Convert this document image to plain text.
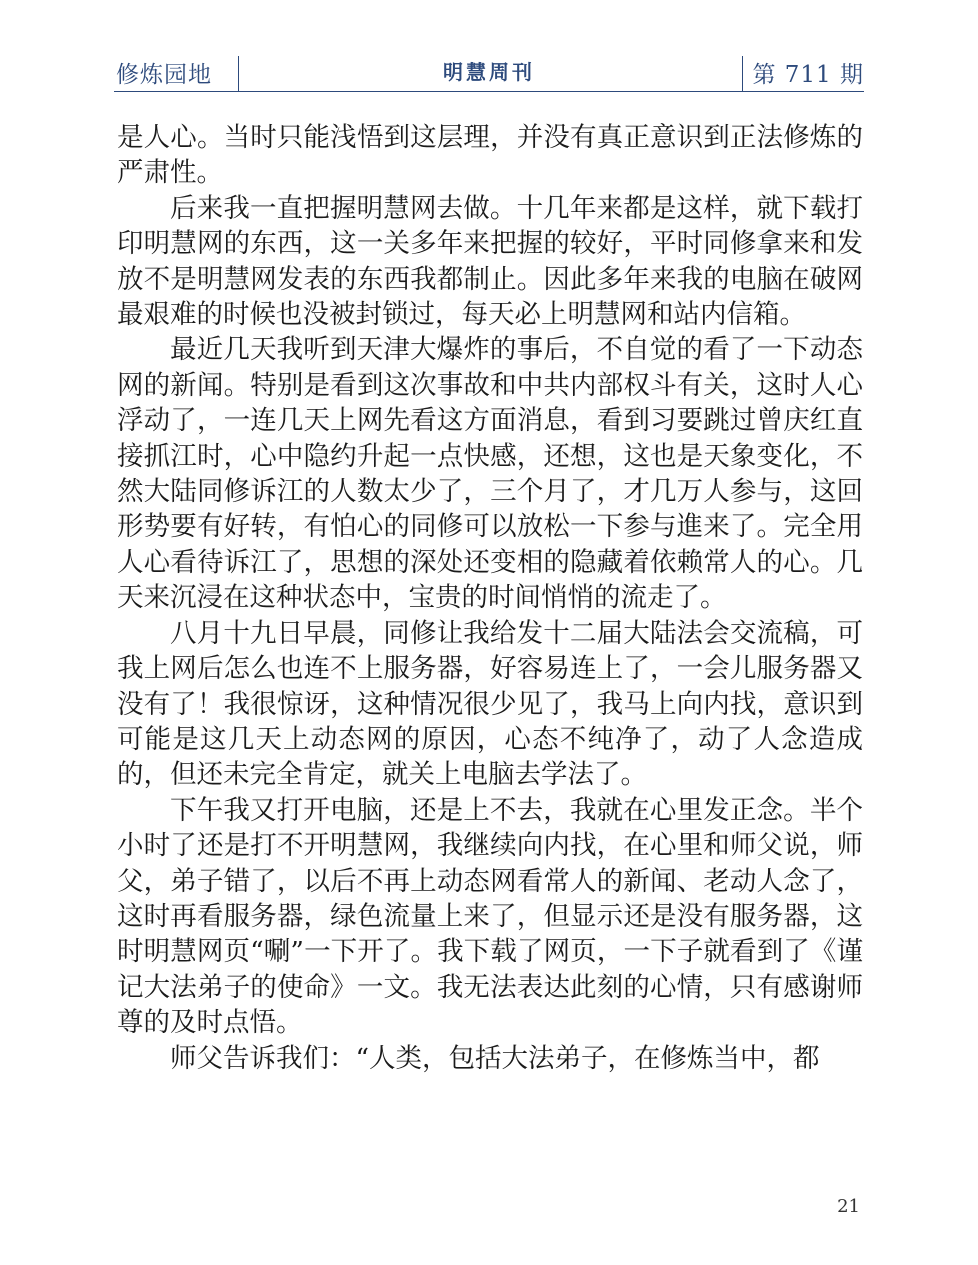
修炼园地	明慧周刊	第 711 期

是人心。当时只能浅悟到这层理，并没有真正意识到正法修炼的严肃性。

后来我一直把握明慧网去做。十几年来都是这样，就下载打印明慧网的东西，这一关多年来把握的较好，平时同修拿来和发放不是明慧网发表的东西我都制止。因此多年来我的电脑在破网最艰难的时候也没被封锁过，每天必上明慧网和站内信箱。

最近几天我听到天津大爆炸的事后，不自觉的看了一下动态网的新闻。特别是看到这次事故和中共内部权斗有关，这时人心浮动了，一连几天上网先看这方面消息，看到习要跳过曾庆红直接抓江时，心中隐约升起一点快感，还想，这也是天象变化，不然大陆同修诉江的人数太少了，三个月了，才几万人参与，这回形势要有好转，有怕心的同修可以放松一下参与進来了。完全用人心看待诉江了，思想的深处还变相的隐藏着依赖常人的心。几天来沉浸在这种状态中，宝贵的时间悄悄的流走了。

八月十九日早晨，同修让我给发十二届大陆法会交流稿，可我上网后怎么也连不上服务器，好容易连上了，一会儿服务器又没有了！我很惊讶，这种情况很少见了，我马上向内找，意识到可能是这几天上动态网的原因，心态不纯净了，动了人念造成的，但还未完全肯定，就关上电脑去学法了。

下午我又打开电脑，还是上不去，我就在心里发正念。半个小时了还是打不开明慧网，我继续向内找，在心里和师父说，师父，弟子错了，以后不再上动态网看常人的新闻、老动人念了，这时再看服务器，绿色流量上来了，但显示还是没有服务器，这时明慧网页“唰”一下开了。我下载了网页，一下子就看到了《谨记大法弟子的使命》一文。我无法表达此刻的心情，只有感谢师尊的及时点悟。

师父告诉我们：“人类，包括大法弟子，在修炼当中，都

21
